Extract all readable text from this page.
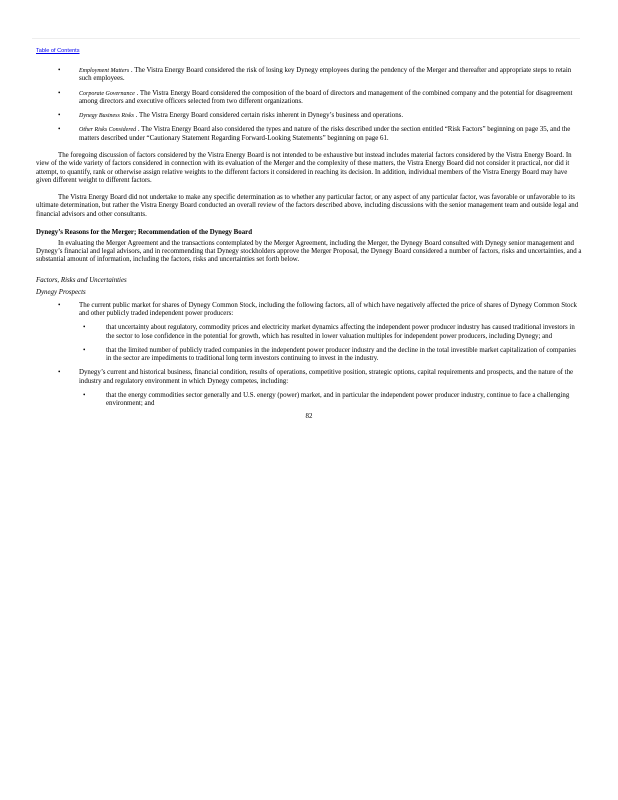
Table of Contents
•	Employment Matters . The Vistra Energy Board considered the risk of losing key Dynegy employees during the pendency of the Merger and thereafter and appropriate steps to retain such employees.
•	Corporate Governance . The Vistra Energy Board considered the composition of the board of directors and management of the combined company and the potential for disagreement among directors and executive officers selected from two different organizations.
•	Dynegy Business Risks . The Vistra Energy Board considered certain risks inherent in Dynegy’s business and operations.
•	Other Risks Considered . The Vistra Energy Board also considered the types and nature of the risks described under the section entitled “Risk Factors” beginning on page 35, and the matters described under “Cautionary Statement Regarding Forward-Looking Statements” beginning on page 61.

The foregoing discussion of factors considered by the Vistra Energy Board is not intended to be exhaustive but instead includes material factors considered by the Vistra Energy Board. In view of the wide variety of factors considered in connection with its evaluation of the Merger and the complexity of these matters, the Vistra Energy Board did not consider it practical, nor did it attempt, to quantify, rank or otherwise assign relative weights to the different factors it considered in reaching its decision. In addition, individual members of the Vistra Energy Board may have given different weight to different factors.

The Vistra Energy Board did not undertake to make any specific determination as to whether any particular factor, or any aspect of any particular factor, was favorable or unfavorable to its ultimate determination, but rather the Vistra Energy Board conducted an overall review of the factors described above, including discussions with the senior management team and outside legal and financial advisors and other consultants.

Dynegy’s Reasons for the Merger; Recommendation of the Dynegy Board

In evaluating the Merger Agreement and the transactions contemplated by the Merger Agreement, including the Merger, the Dynegy Board consulted with Dynegy senior management and Dynegy’s financial and legal advisors, and in recommending that Dynegy stockholders approve the Merger Proposal, the Dynegy Board considered a number of factors, risks and uncertainties, and a substantial amount of information, including the factors, risks and uncertainties set forth below.

Factors, Risks and Uncertainties

Dynegy Prospects

•	The current public market for shares of Dynegy Common Stock, including the following factors, all of which have negatively affected the price of shares of Dynegy Common Stock and other publicly traded independent power producers:
•	that uncertainty about regulatory, commodity prices and electricity market dynamics affecting the independent power producer industry has caused traditional investors in the sector to lose confidence in the potential for growth, which has resulted in lower valuation multiples for independent power producers, including Dynegy; and
•	that the limited number of publicly traded companies in the independent power producer industry and the decline in the total investible market capitalization of companies in the sector are impediments to traditional long term investors continuing to invest in the industry.
•	Dynegy’s current and historical business, financial condition, results of operations, competitive position, strategic options, capital requirements and prospects, and the nature of the industry and regulatory environment in which Dynegy competes, including:
•	that the energy commodities sector generally and U.S. energy (power) market, and in particular the independent power producer industry, continue to face a challenging environment; and

82
